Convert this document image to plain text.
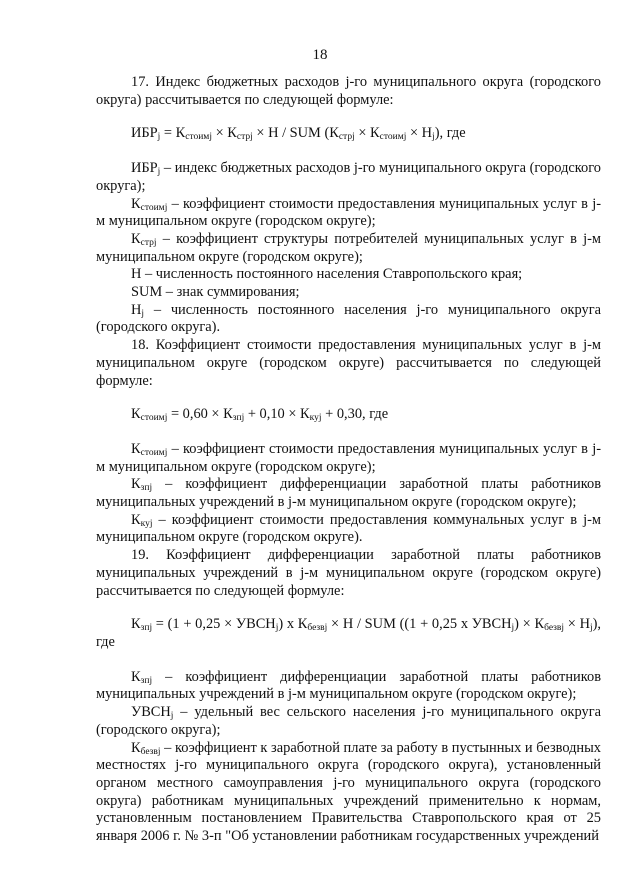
18

17. Индекс бюджетных расходов j-го муниципального округа (городского округа) рассчитывается по следующей формуле:

$ИБР_j = К_{стоимj} \times К_{стрj} \times Н$ / SUM $(К_{стрj} \times К_{стоимj} \times Н_j)$, где

$ИБР_j$ – индекс бюджетных расходов j-го муниципального округа (городского округа);

$К_{стоимj}$ – коэффициент стоимости предоставления муниципальных услуг в j-м муниципальном округе (городском округе);

$К_{стрj}$ – коэффициент структуры потребителей муниципальных услуг в j-м муниципальном округе (городском округе);

Н – численность постоянного населения Ставропольского края;

SUM – знак суммирования;

$Н_j$ – численность постоянного населения j-го муниципального округа (городского округа).

18. Коэффициент стоимости предоставления муниципальных услуг в j-м муниципальном округе (городском округе) рассчитывается по следующей формуле:

$К_{стоимj} = 0,60 \times К_{зпj} + 0,10 \times К_{куj} + 0,30$, где

$К_{стоимj}$ – коэффициент стоимости предоставления муниципальных услуг в j-м муниципальном округе (городском округе);

$К_{зпj}$ – коэффициент дифференциации заработной платы работников муниципальных учреждений в j-м муниципальном округе (городском округе);

$К_{куj}$ – коэффициент стоимости предоставления коммунальных услуг в j-м муниципальном округе (городском округе).

19. Коэффициент дифференциации заработной платы работников муниципальных учреждений в j-м муниципальном округе (городском округе) рассчитывается по следующей формуле:

$К_{зпj} = (1 + 0,25$ × $УВСН_j$) х $К_{безвj} \times Н$ / SUM ((1 + 0,25 х $УВСН_j) \times К_{безвj} \times Н_j$), где

$К_{зпj}$ – коэффициент дифференциации заработной платы работников муниципальных учреждений в j-м муниципальном округе (городском округе);

$УВСН_j$ – удельный вес сельского населения j-го муниципального округа (городского округа);

$К_{безвj}$ – коэффициент к заработной плате за работу в пустынных и безводных местностях j-го муниципального округа (городского округа), установленный органом местного самоуправления j-го муниципального округа (городского округа) работникам муниципальных учреждений применительно к нормам, установленным постановлением Правительства Ставропольского края от 25 января 2006 г. № 3-п "Об установлении работникам государственных учреждений
